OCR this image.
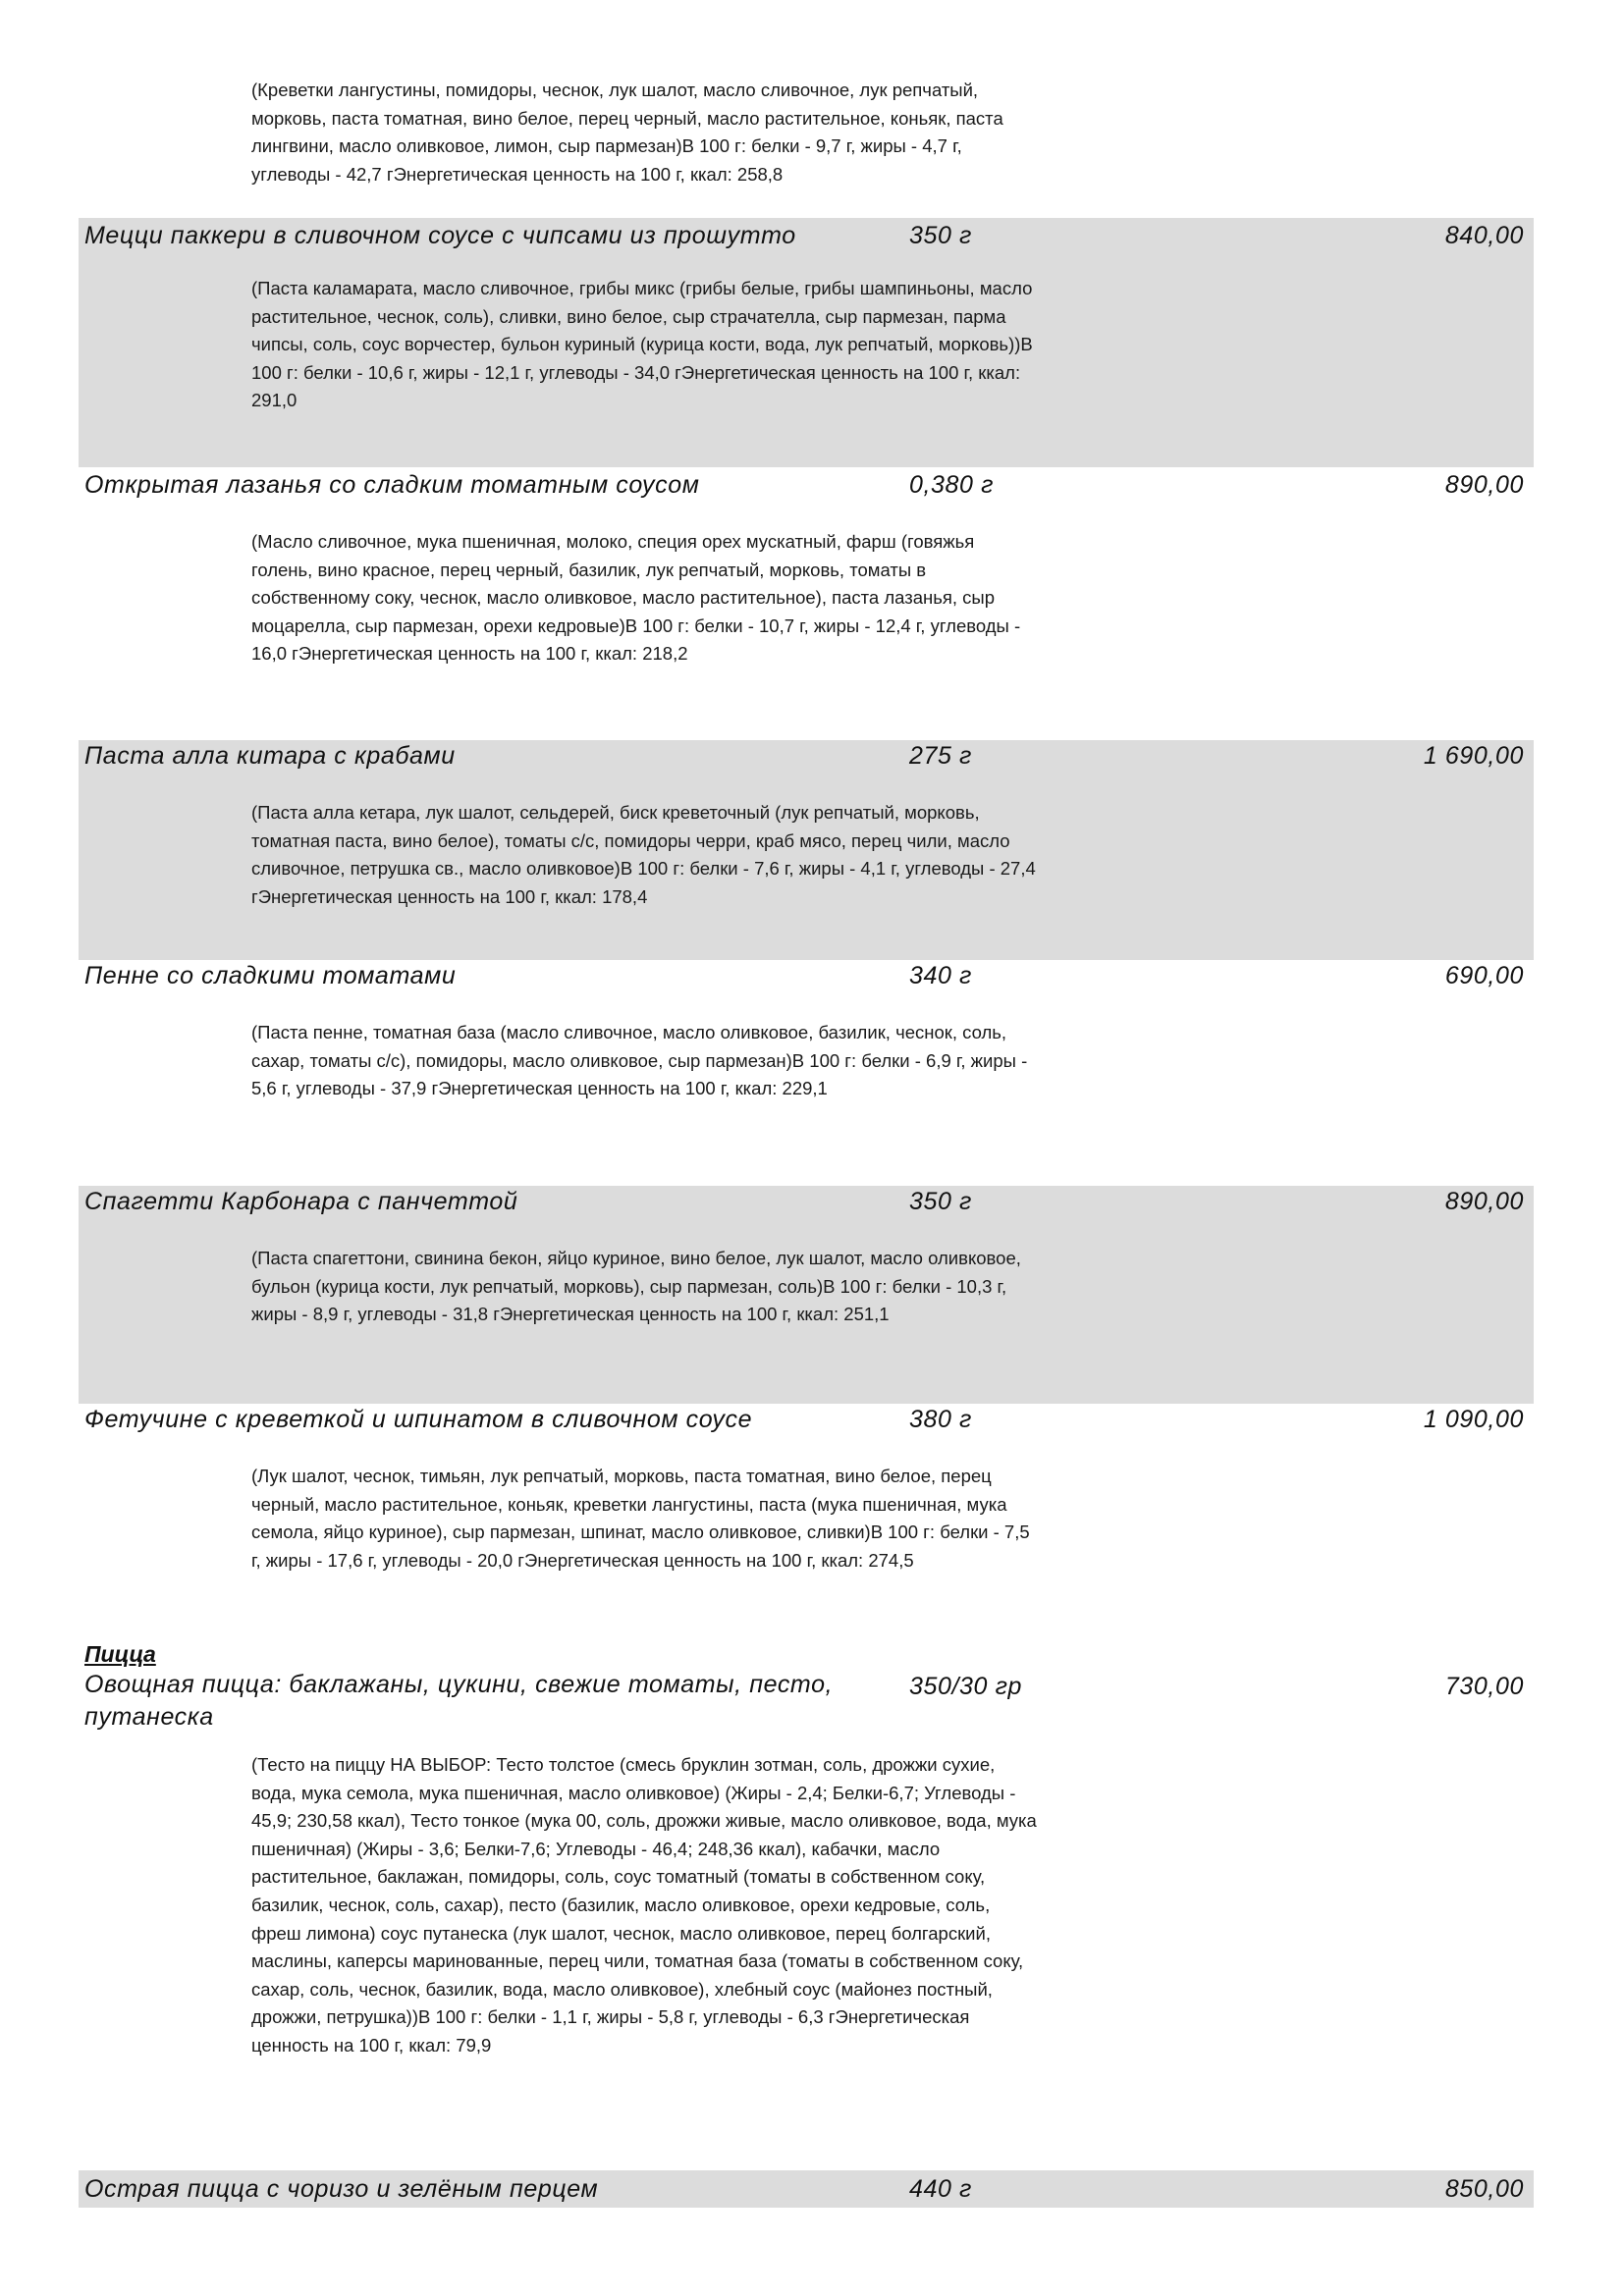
(Креветки лангустины, помидоры, чеснок, лук шалот, масло сливочное, лук репчатый, морковь, паста томатная, вино белое, перец черный, масло растительное, коньяк, паста лингвини, масло оливковое, лимон, сыр пармезан)В 100 г: белки - 9,7 г, жиры - 4,7 г, углеводы - 42,7 гЭнергетическая ценность на 100 г, ккал: 258,8
Мецци паккери в сливочном соусе с чипсами из прошутто	350 г	840,00
(Паста каламарата, масло сливочное, грибы микс (грибы белые, грибы шампиньоны, масло растительное, чеснок, соль), сливки, вино белое, сыр страчателла, сыр пармезан, парма чипсы, соль, соус ворчестер, бульон куриный (курица кости, вода, лук репчатый, морковь))В 100 г: белки - 10,6 г, жиры - 12,1 г, углеводы - 34,0 гЭнергетическая ценность на 100 г, ккал: 291,0
Открытая лазанья со сладким томатным соусом	0,380 г	890,00
(Масло сливочное, мука пшеничная, молоко, специя орех мускатный, фарш (говяжья голень, вино красное, перец черный, базилик, лук репчатый, морковь, томаты в собственному соку, чеснок, масло оливковое, масло растительное), паста лазанья, сыр моцарелла, сыр пармезан, орехи кедровые)В 100 г: белки - 10,7 г, жиры - 12,4 г, углеводы - 16,0 гЭнергетическая ценность на 100 г, ккал: 218,2
Паста алла китара с крабами	275 г	1 690,00
(Паста алла кетара, лук шалот, сельдерей, биск креветочный (лук репчатый, морковь, томатная паста, вино белое), томаты с/с, помидоры черри, краб мясо, перец чили, масло сливочное, петрушка св., масло оливковое)В 100 г: белки - 7,6 г, жиры - 4,1 г, углеводы - 27,4 гЭнергетическая ценность на 100 г, ккал: 178,4
Пенне со сладкими томатами	340 г	690,00
(Паста пенне, томатная база (масло сливочное, масло оливковое, базилик, чеснок, соль, сахар, томаты с/с), помидоры, масло оливковое, сыр пармезан)В 100 г: белки - 6,9 г, жиры - 5,6 г, углеводы - 37,9 гЭнергетическая ценность на 100 г, ккал: 229,1
Спагетти Карбонара с панчеттой	350 г	890,00
(Паста спагеттони, свинина бекон, яйцо куриное, вино белое, лук шалот, масло оливковое, бульон (курица кости, лук репчатый, морковь), сыр пармезан, соль)В 100 г: белки - 10,3 г, жиры - 8,9 г, углеводы - 31,8 гЭнергетическая ценность на 100 г, ккал: 251,1
Фетучине с креветкой и шпинатом в сливочном соусе	380 г	1 090,00
(Лук шалот, чеснок, тимьян, лук репчатый, морковь, паста томатная, вино белое, перец черный, масло растительное, коньяк, креветки лангустины, паста (мука пшеничная, мука семола, яйцо куриное), сыр пармезан, шпинат, масло оливковое, сливки)В 100 г: белки - 7,5 г, жиры - 17,6 г, углеводы - 20,0 гЭнергетическая ценность на 100 г, ккал: 274,5
Пицца
Овощная пицца: баклажаны, цукини, свежие томаты, песто, путанеска
350/30 гр	730,00
(Тесто на пиццу НА ВЫБОР: Тесто толстое (смесь бруклин зотман, соль, дрожжи сухие, вода, мука семола, мука пшеничная, масло оливковое) (Жиры - 2,4; Белки-6,7; Углеводы - 45,9; 230,58 ккал), Тесто тонкое (мука 00, соль, дрожжи живые, масло оливковое, вода, мука пшеничная) (Жиры - 3,6; Белки-7,6; Углеводы - 46,4; 248,36 ккал), кабачки, масло растительное, баклажан, помидоры, соль, соус томатный (томаты в собственном соку, базилик, чеснок, соль, сахар), песто (базилик, масло оливковое, орехи кедровые, соль, фреш лимона) соус путанеска (лук шалот, чеснок, масло оливковое, перец болгарский, маслины, каперсы маринованные, перец чили, томатная база (томаты в собственном соку, сахар, соль, чеснок, базилик, вода, масло оливковое), хлебный соус (майонез постный, дрожжи, петрушка))В 100 г: белки - 1,1 г, жиры - 5,8 г, углеводы - 6,3 гЭнергетическая ценность на 100 г, ккал: 79,9
Острая пицца с чоризо и зелёным перцем	440 г	850,00
